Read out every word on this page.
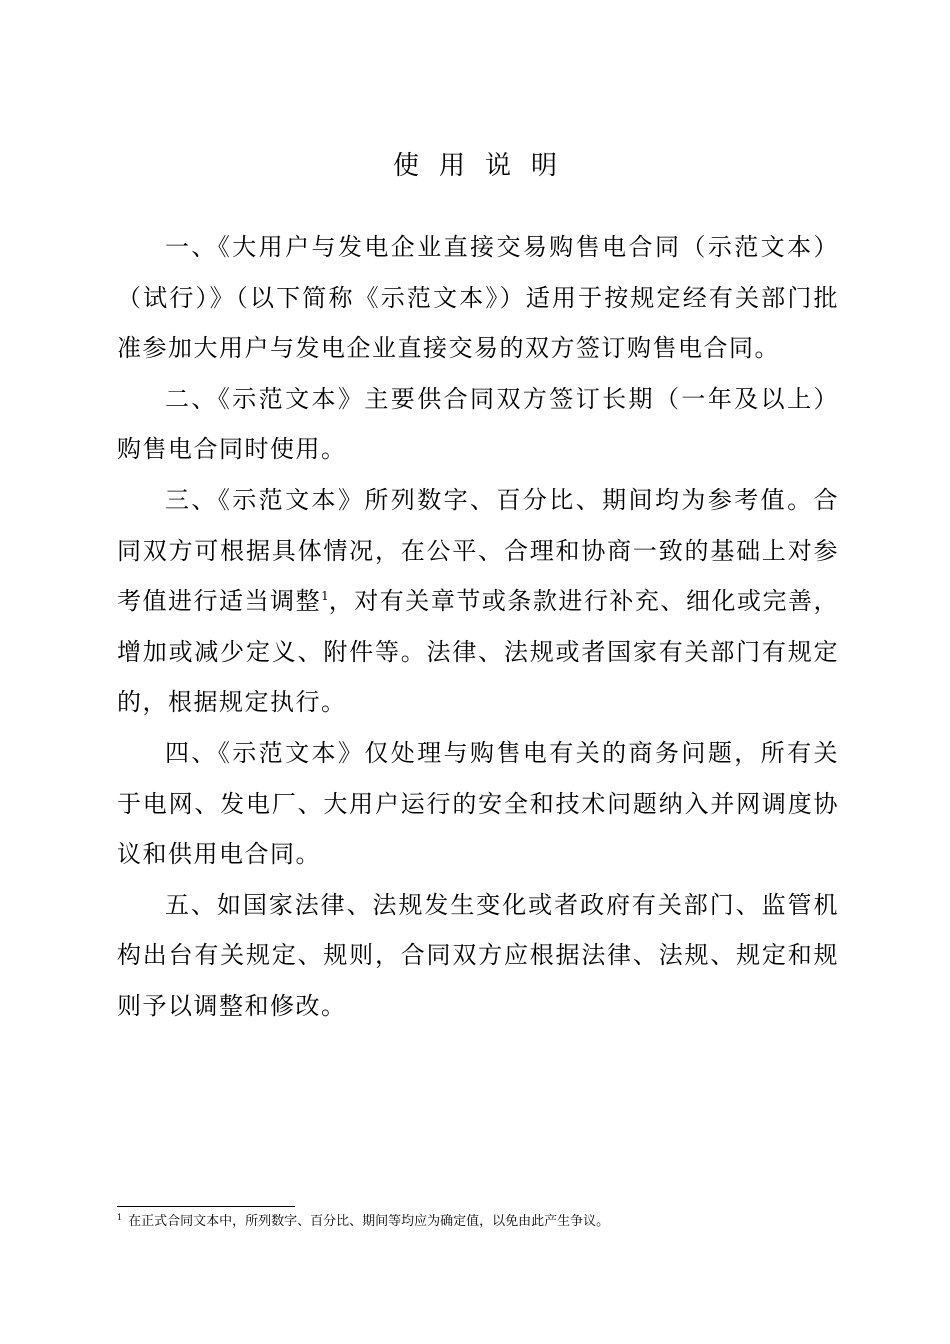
使用说明

一、《大用户与发电企业直接交易购售电合同（示范文本）（试行）》（以下简称《示范文本》）适用于按规定经有关部门批准参加大用户与发电企业直接交易的双方签订购售电合同。

二、《示范文本》主要供合同双方签订长期（一年及以上）购售电合同时使用。

三、《示范文本》所列数字、百分比、期间均为参考值。合同双方可根据具体情况，在公平、合理和协商一致的基础上对参考值进行适当调整$^1$，对有关章节或条款进行补充、细化或完善，增加或减少定义、附件等。法律、法规或者国家有关部门有规定的，根据规定执行。

四、《示范文本》仅处理与购售电有关的商务问题，所有关于电网、发电厂、大用户运行的安全和技术问题纳入并网调度协议和供用电合同。

五、如国家法律、法规发生变化或者政府有关部门、监管机构出台有关规定、规则，合同双方应根据法律、法规、规定和规则予以调整和修改。

$^1$ 在正式合同文本中，所列数字、百分比、期间等均应为确定值，以免由此产生争议。
